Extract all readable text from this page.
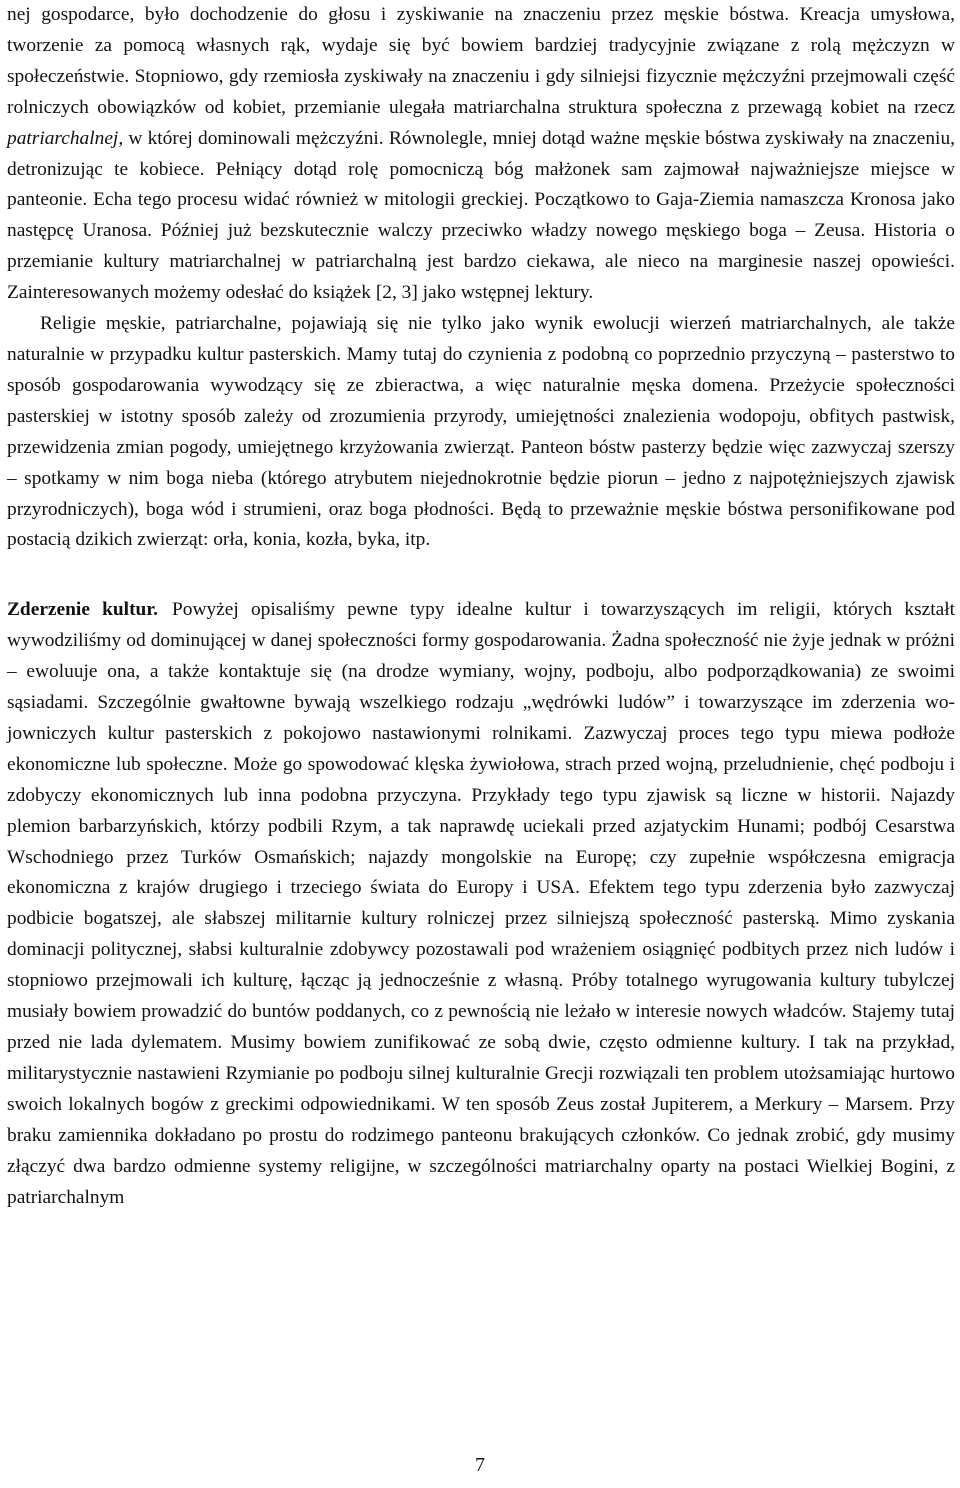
nej gospodarce, było dochodzenie do głosu i zyskiwanie na znaczeniu przez męskie bóstwa. Kreacja umysłowa, tworzenie za pomocą własnych rąk, wydaje się być bowiem bardziej tradycyjnie związane z rolą mężczyzn w społeczeństwie. Stopniowo, gdy rzemiosła zyskiwały na znaczeniu i gdy silniejsi fizycznie mężczyźni przejmowali część rolniczych obowiązków od kobiet, przemianie ulegała matriarchalna struktura społeczna z przewagą kobiet na rzecz patriarchalnej, w której dominowali mężczyźni. Równolegle, mniej dotąd ważne męskie bóstwa zyskiwały na znaczeniu, detronizując te kobiece. Pełniący dotąd rolę pomocniczą bóg małżonek sam zajmował najważniejsze miejsce w panteonie. Echa tego procesu widać również w mitologii greckiej. Początkowo to Gaja-Ziemia namaszcza Kronosa jako następcę Uranosa. Później już bezskutecznie walczy przeciwko władzy nowego męskiego boga – Zeusa. Historia o przemianie kultury matriarchalnej w patriarchalną jest bardzo ciekawa, ale nieco na marginesie naszej opowieści. Zainteresowanych możemy odesłać do książek [2, 3] jako wstępnej lektury.

Religie męskie, patriarchalne, pojawiają się nie tylko jako wynik ewolucji wierzeń matriarchalnych, ale także naturalnie w przypadku kultur pasterskich. Mamy tutaj do czynienia z podobną co poprzednio przyczyną – pasterstwo to sposób gospodarowania wywodzący się ze zbieractwa, a więc naturalnie męska domena. Przeżycie społeczności pasterskiej w istotny sposób zależy od zrozumienia przyrody, umiejętności znalezienia wodopoju, obfitych pastwisk, przewidzenia zmian pogody, umiejętnego krzyżowania zwierząt. Panteon bóstw pasterzy będzie więc zazwyczaj szerszy – spotkamy w nim boga nieba (którego atrybutem niejednokrotnie będzie piorun – jedno z najpotężniejszych zjawisk przyrodniczych), boga wód i strumieni, oraz boga płodności. Będą to przeważnie męskie bóstwa personifikowane pod postacią dzikich zwierząt: orła, konia, kozła, byka, itp.

Zderzenie kultur. Powyżej opisaliśmy pewne typy idealne kultur i towarzyszących im religii, których kształt wywodziliśmy od dominującej w danej społeczności formy gospodarowania. Żadna społeczność nie żyje jednak w próżni – ewoluuje ona, a także kontaktuje się (na drodze wymiany, wojny, podboju, albo podporządkowania) ze swoimi sąsiadami. Szczególnie gwałtowne bywają wszelkiego rodzaju „wędrówki ludów” i towarzyszące im zderzenia wojowniczych kultur pasterskich z pokojowo nastawionymi rolnikami. Zazwyczaj proces tego typu miewa podłoże ekonomiczne lub społeczne. Może go spowodować klęska żywiołowa, strach przed wojną, przeludnienie, chęć podboju i zdobyczy ekonomicznych lub inna podobna przyczyna. Przykłady tego typu zjawisk są liczne w historii. Najazdy plemion barbarzyńskich, którzy podbili Rzym, a tak naprawdę uciekali przed azjatyckim Hunami; podbój Cesarstwa Wschodniego przez Turków Osmańskich; najazdy mongolskie na Europę; czy zupełnie współczesna emigracja ekonomiczna z krajów drugiego i trzeciego świata do Europy i USA. Efektem tego typu zderzenia było zazwyczaj podbicie bogatszej, ale słabszej militarnie kultury rolniczej przez silniejszą społeczność pasterską. Mimo zyskania dominacji politycznej, słabsi kulturalnie zdobywcy pozostawali pod wrażeniem osiągnięć podbitych przez nich ludów i stopniowo przejmowali ich kulturę, łącząc ją jednocześnie z własną. Próby totalnego wyrugowania kultury tubylczej musiały bowiem prowadzić do buntów poddanych, co z pewnością nie leżało w interesie nowych władców. Stajemy tutaj przed nie lada dylematem. Musimy bowiem zunifikować ze sobą dwie, często odmienne kultury. I tak na przykład, militarystycznie nastawieni Rzymianie po podboju silnej kulturalnie Grecji rozwiązali ten problem utożsamiając hurtowo swoich lokalnych bogów z greckimi odpowiednikami. W ten sposób Zeus został Jupiterem, a Merkury – Marsem. Przy braku zamiennika dokładano po prostu do rodzimego panteonu brakujących członków. Co jednak zrobić, gdy musimy złączyć dwa bardzo odmienne systemy religijne, w szczególności matriarchalny oparty na postaci Wielkiej Bogini, z patriarchalnym

7
